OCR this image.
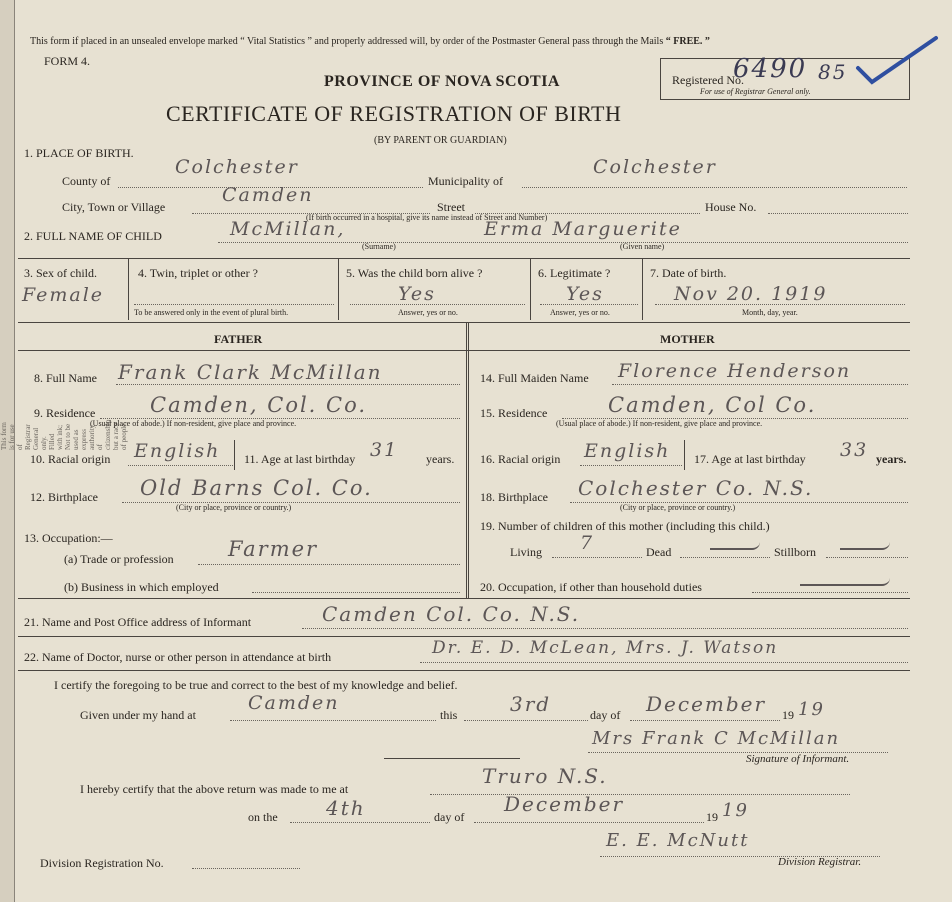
This form is for use of Registrar General only. Filled with ink; Not to be used as express authority of citizenship but a race of people.
This form if placed in an unsealed envelope marked “ Vital Statistics ” and properly addressed will, by order of the Postmaster General pass through the Mails “ FREE. ”
FORM 4.
Registered No.
6490 85
For use of Registrar General only.
PROVINCE OF NOVA SCOTIA
CERTIFICATE OF REGISTRATION OF BIRTH
(BY PARENT OR GUARDIAN)
1. PLACE OF BIRTH.
County of
Colchester
Municipality of
Colchester
City, Town or Village
Camden
Street	House No.
(If birth occurred in a hospital, give its name instead of Street and Number)
2. FULL NAME OF CHILD	McMillan,	Erma Marguerite
(Surname)	(Given name)
3. Sex of child.
Female
4. Twin, triplet or other ?
To be answered only in the event of plural birth.
5. Was the child born alive ?
Yes
Answer, yes or no.
6. Legitimate ?
Yes
Answer, yes or no.
7. Date of birth.
Nov 20. 1919
Month, day, year.
FATHER	MOTHER
8. Full Name Frank Clark McMillan
9. Residence	Camden, Col. Co.
(Usual place of abode.) If non-resident, give place and province.
10. Racial origin English 11. Age at last birthday 31 years.
12. Birthplace Old Barns Col. Co.
(City or place, province or country.)
13. Occupation:—
(a) Trade or profession	Farmer
(b) Business in which employed
14. Full Maiden Name Florence Henderson
15. Residence	Camden, Col Co.
(Usual place of abode.) If non-resident, give place and province.
16. Racial origin English 17. Age at last birthday 33 years.
18. Birthplace Colchester Co. N.S.
(City or place, province or country.)
19. Number of children of this mother (including this child.)
Living 7	Dead	Stillborn
20. Occupation, if other than household duties
21. Name and Post Office address of Informant	Camden Col. Co. N.S.
22. Name of Doctor, nurse or other person in attendance at birth	Dr. E. D. McLean, Mrs. J. Watson
I certify the foregoing to be true and correct to the best of my knowledge and belief.
Given under my hand at
Camden
this	3rd	day of December 19 19
Mrs Frank C McMillan
Signature of Informant.
I hereby certify that the above return was made to me at
Truro N.S.
on the 4th	day of
December
19 19
E. E. McNutt
Division Registrar.
Division Registration No.
